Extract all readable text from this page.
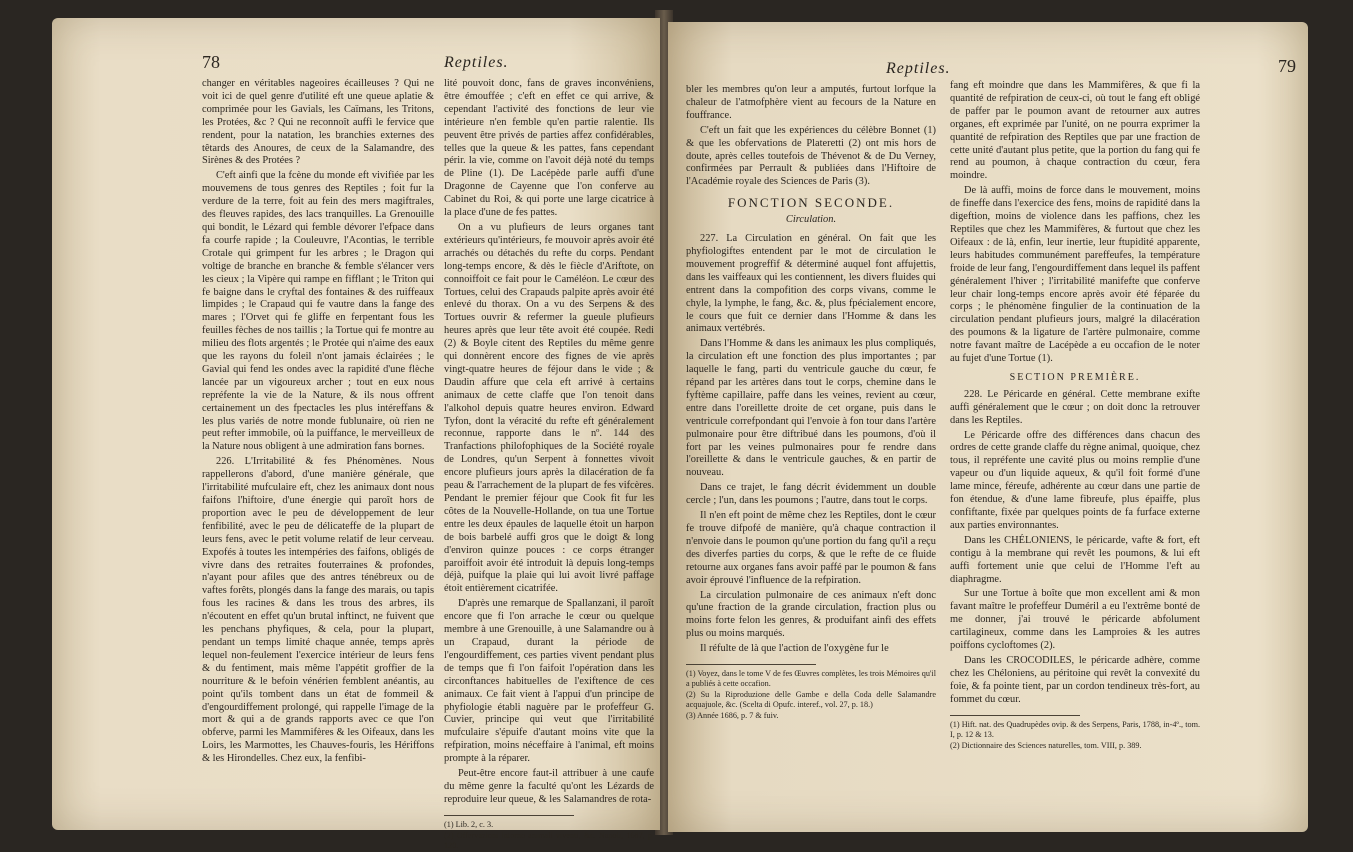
78	Reptiles.

changer en véritables nageoires écailleuses ? Qui ne voit ici de quel genre d'utilité eft une queue aplatie & comprimée pour les Gavials, les Caïmans, les Tritons, les Protées, &c ? Qui ne reconnoît auffi le fervice que rendent, pour la natation, les branchies externes des têtards des Anoures, de ceux de la Salamandre, des Sirènes & des Protées ?

C'eft ainfi que la fcène du monde eft vivifiée par les mouvemens de tous genres des Reptiles ; foit fur la verdure de la terre, foit au fein des mers magiftrales, des fleuves rapides, des lacs tranquilles. La Grenouille qui bondit, le Lézard qui femble dévorer l'efpace dans fa courfe rapide ; la Couleuvre, l'Acontias, le terrible Crotale qui grimpent fur les arbres ; le Dragon qui voltige de branche en branche & femble s'élancer vers les cieux ; la Vipère qui rampe en fifflant ; le Triton qui fe baigne dans le cryftal des fontaines & des ruiffeaux limpides ; le Crapaud qui fe vautre dans la fange des mares ; l'Orvet qui fe gliffe en ferpentant fous les feuilles fèches de nos taillis ; la Tortue qui fe montre au milieu des flots argentés ; le Protée qui n'aime des eaux que les rayons du foleil n'ont jamais éclairées ; le Gavial qui fend les ondes avec la rapidité d'une flèche lancée par un vigoureux archer ; tout en eux nous repréfente la vie de la Nature, & ils nous offrent certainement un des fpectacles les plus intéreffans & les plus variés de notre monde fublunaire, où rien ne peut refter immobile, où la puiffance, le merveilleux de la Nature nous obligent à une admiration fans bornes.

226. L'Irritabilité & fes Phénomènes. Nous rappellerons d'abord, d'une manière générale, que l'irritabilité mufculaire eft, chez les animaux dont nous faifons l'hiftoire, d'une énergie qui paroît hors de proportion avec le peu de développement de leur fenfibilité, avec le peu de délicateffe de la plupart de leurs fens, avec le petit volume relatif de leur cerveau. Expofés à toutes les intempéries des faifons, obligés de vivre dans des retraites fouterraines & profondes, n'ayant pour afiles que des antres ténébreux ou de vaftes forêts, plongés dans la fange des marais, ou tapis fous les racines & dans les trous des arbres, ils n'écoutent en effet qu'un brutal inftinct, ne fuivent que les penchans phyfiques, & cela, pour la plupart, pendant un temps limité chaque année, temps après lequel non-feulement l'exercice intérieur de leurs fens & du fentiment, mais même l'appétit groffier de la nourriture & le befoin vénérien femblent anéantis, au point qu'ils tombent dans un état de fommeil & d'engourdiffement prolongé, qui rappelle l'image de la mort & qui a de grands rapports avec ce que l'on obferve, parmi les Mammifères & les Oifeaux, dans les Loirs, les Marmottes, les Chauves-fouris, les Hériffons & les Hirondelles. Chez eux, la fenfibi-

lité pouvoit donc, fans de graves inconvéniens, être émouffée ; c'eft en effet ce qui arrive, & cependant l'activité des fonctions de leur vie intérieure n'en femble qu'en partie ralentie. Ils peuvent être privés de parties affez confidérables, telles que la queue & les pattes, fans cependant périr. la vie, comme on l'avoit déjà noté du temps de Pline (1). De Lacépède parle auffi d'une Dragonne de Cayenne que l'on conferve au Cabinet du Roi, & qui porte une large cicatrice à la place d'une de fes pattes.

On a vu plufieurs de leurs organes tant extérieurs qu'intérieurs, fe mouvoir après avoir été arrachés ou détachés du refte du corps. Pendant long-temps encore, & dès le fiècle d'Ariftote, on connoiffoit ce fait pour le Caméléon. Le cœur des Tortues, celui des Crapauds palpite après avoir été enlevé du thorax. On a vu des Serpens & des Tortues ouvrir & refermer la gueule plufieurs heures après que leur tête avoit été coupée. Redi (2) & Boyle citent des Reptiles du même genre qui donnèrent encore des fignes de vie après vingt-quatre heures de féjour dans le vide ; & Daudin affure que cela eft arrivé à certains animaux de cette claffe que l'on tenoit dans l'alkohol depuis quatre heures environ. Edward Tyfon, dont la véracité du refte eft généralement reconnue, rapporte dans le nº. 144 des Tranfactions philofophiques de la Société royale de Londres, qu'un Serpent à fonnettes vivoit encore plufieurs jours après la dilacération de fa peau & l'arrachement de la plupart de fes vifcères. Pendant le premier féjour que Cook fit fur les côtes de la Nouvelle-Hollande, on tua une Tortue entre les deux épaules de laquelle étoit un harpon de bois barbelé auffi gros que le doigt & long d'environ quinze pouces : ce corps étranger paroiffoit avoir été introduit là depuis long-temps déjà, puifque la plaie qui lui avoit livré paffage étoit entièrement cicatrifée.

D'après une remarque de Spallanzani, il paroît encore que fi l'on arrache le cœur ou quelque membre à une Grenouille, à une Salamandre ou à un Crapaud, durant la période de l'engourdiffement, ces parties vivent pendant plus de temps que fi l'on faifoit l'opération dans les circonftances habituelles de l'exiftence de ces animaux. Ce fait vient à l'appui d'un principe de phyfiologie établi naguère par le profeffeur G. Cuvier, principe qui veut que l'irritabilité mufculaire s'épuife d'autant moins vite que la refpiration, moins néceffaire à l'animal, eft moins prompte à la réparer.

Peut-être encore faut-il attribuer à une caufe du même genre la faculté qu'ont les Lézards de reproduire leur queue, & les Salamandres de rota-

(1) Lib. 2, c. 3.

(2) Offervazioni intorno animali viventi, &c. Napoli, 1687, p. 120.

Reptiles.	79

bler les membres qu'on leur a amputés, furtout lorfque la chaleur de l'atmofphère vient au fecours de la Nature en fouffrance.

C'eft un fait que les expériences du célèbre Bonnet (1) & que les obfervations de Plateretti (2) ont mis hors de doute, après celles toutefois de Thévenot & de Du Verney, confirmées par Perrault & publiées dans l'Hiftoire de l'Académie royale des Sciences de Paris (3).

FONCTION SECONDE.
Circulation.

227. La Circulation en général. On fait que les phyfiologiftes entendent par le mot de circulation le mouvement progreffif & déterminé auquel font affujettis, dans les vaiffeaux qui les contiennent, les divers fluides qui entrent dans la compofition des corps vivans, comme le chyle, la lymphe, le fang, &c. &, plus fpécialement encore, le cours que fuit ce dernier dans l'Homme & dans les animaux vertébrés.

Dans l'Homme & dans les animaux les plus compliqués, la circulation eft une fonction des plus importantes ; par laquelle le fang, parti du ventricule gauche du cœur, fe répand par les artères dans tout le corps, chemine dans le fyftème capillaire, paffe dans les veines, revient au cœur, entre dans l'oreillette droite de cet organe, puis dans le ventricule correfpondant qui l'envoie à fon tour dans l'artère pulmonaire pour être diftribué dans les poumons, d'où il fort par les veines pulmonaires pour fe rendre dans l'oreillette & dans le ventricule gauches, & en partir de nouveau.

Dans ce trajet, le fang décrit évidemment un double cercle ; l'un, dans les poumons ; l'autre, dans tout le corps.

Il n'en eft point de même chez les Reptiles, dont le cœur fe trouve difpofé de manière, qu'à chaque contraction il n'envoie dans le poumon qu'une portion du fang qu'il a reçu des diverfes parties du corps, & que le refte de ce fluide retourne aux organes fans avoir paffé par le poumon & fans avoir éprouvé l'influence de la refpiration.

La circulation pulmonaire de ces animaux n'eft donc qu'une fraction de la grande circulation, fraction plus ou moins forte felon les genres, & produifant ainfi des effets plus ou moins marqués.

Il réfulte de là que l'action de l'oxygène fur le

(1) Voyez, dans le tome V de fes Œuvres complètes, les trois Mémoires qu'il a publiés à cette occafion.

(2) Su la Riproduzione delle Gambe e della Coda delle Salamandre acquajuole, &c. (Scelta di Opufc. interef., vol. 27, p. 18.)

(3) Année 1686, p. 7 & fuiv.

fang eft moindre que dans les Mammifères, & que fi la quantité de refpiration de ceux-ci, où tout le fang eft obligé de paffer par le poumon avant de retourner aux autres organes, eft exprimée par l'unité, on ne pourra exprimer la quantité de refpiration des Reptiles que par une fraction de cette unité d'autant plus petite, que la portion du fang qui fe rend au poumon, à chaque contraction du cœur, fera moindre.

De là auffi, moins de force dans le mouvement, moins de fineffe dans l'exercice des fens, moins de rapidité dans la digeftion, moins de violence dans les paffions, chez les Reptiles que chez les Mammifères, & furtout que chez les Oifeaux : de là, enfin, leur inertie, leur ftupidité apparente, leurs habitudes communément pareffeufes, la température froide de leur fang, l'engourdiffement dans lequel ils paffent généralement l'hiver ; l'irritabilité manifefte que conferve leur chair long-temps encore après avoir été féparée du corps ; le phénomène fingulier de la continuation de la circulation pendant plufieurs jours, malgré la dilacération des poumons & la ligature de l'artère pulmonaire, comme notre favant maître de Lacépède a eu occafion de le noter au fujet d'une Tortue (1).

SECTION PREMIÈRE.

228. Le Péricarde en général. Cette membrane exifte auffi généralement que le cœur ; on doit donc la retrouver dans les Reptiles.

Le Péricarde offre des différences dans chacun des ordres de cette grande claffe du règne animal, quoique, chez tous, il repréfente une cavité plus ou moins remplie d'une vapeur ou d'un liquide aqueux, & qu'il foit formé d'une lame mince, féreufe, adhérente au cœur dans une partie de fon étendue, & d'une lame fibreufe, plus épaiffe, plus confiftante, fixée par quelques points de fa furface externe aux parties environnantes.

Dans les CHÉLONIENS, le péricarde, vafte & fort, eft contigu à la membrane qui revêt les poumons, & lui eft auffi fortement unie que celui de l'Homme l'eft au diaphragme.

Sur une Tortue à boîte que mon excellent ami & mon favant maître le profeffeur Duméril a eu l'extrême bonté de me donner, j'ai trouvé le péricarde abfolument cartilagineux, comme dans les Lamproies & les autres poiffons cycloftomes (2).

Dans les CROCODILES, le péricarde adhère, comme chez les Chéloniens, au péritoine qui revêt la convexité du foie, & fa pointe tient, par un cordon tendineux très-fort, au fommet du cœur.

(1) Hift. nat. des Quadrupèdes ovip. & des Serpens, Paris, 1788, in-4º., tom. I, p. 12 & 13.

(2) Dictionnaire des Sciences naturelles, tom. VIII, p. 389.
